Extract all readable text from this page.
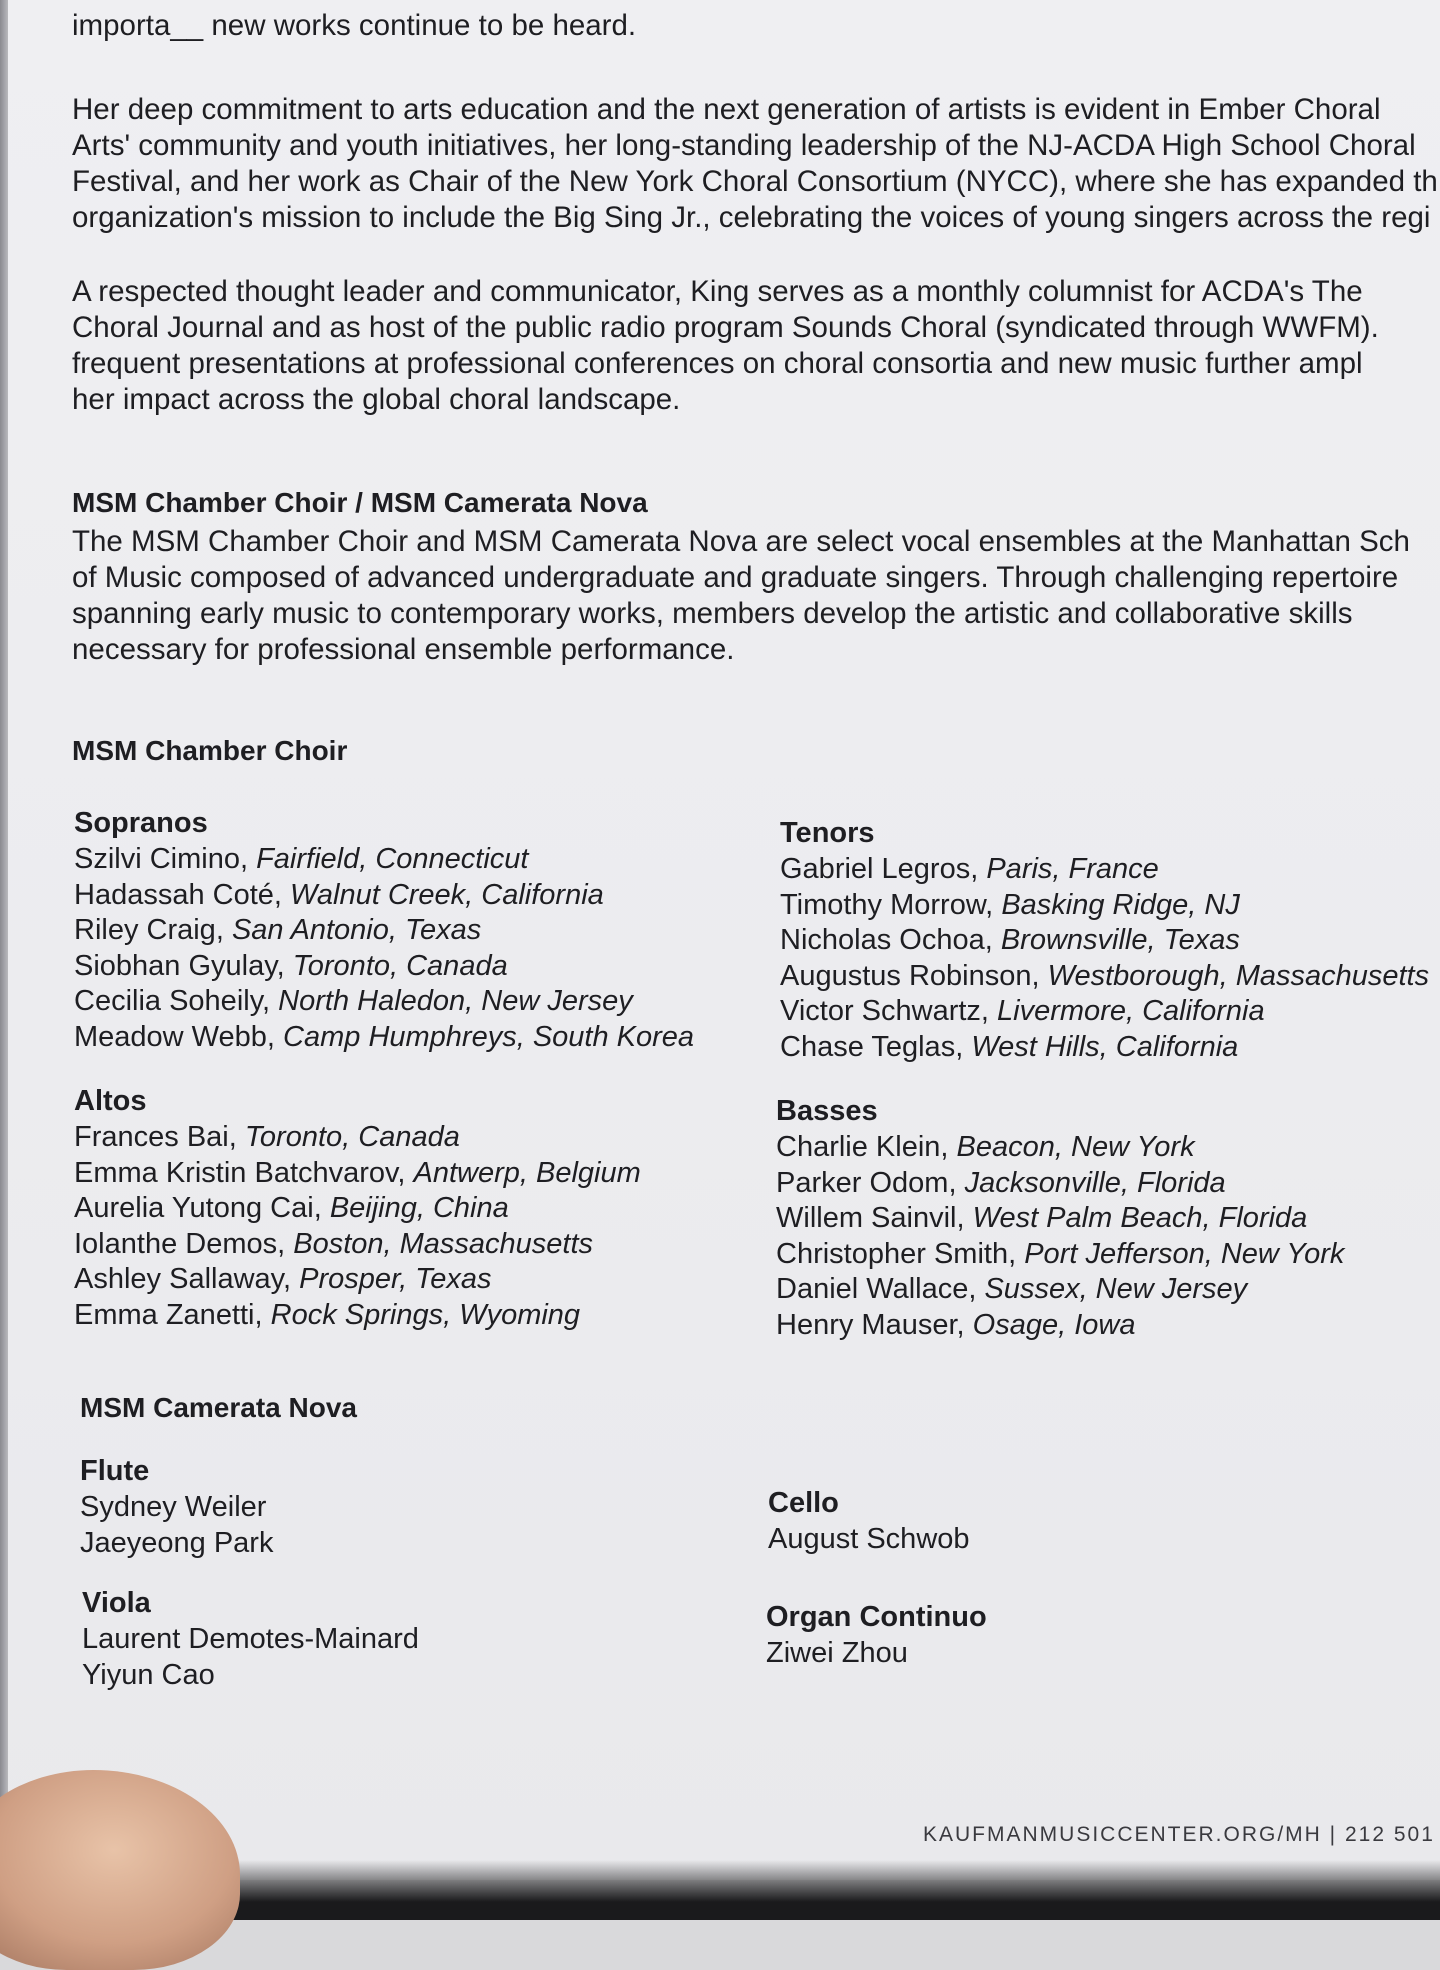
importa__ new works continue to be heard.
Her deep commitment to arts education and the next generation of artists is evident in Ember Choral
Arts' community and youth initiatives, her long-standing leadership of the NJ-ACDA High School Choral
Festival, and her work as Chair of the New York Choral Consortium (NYCC), where she has expanded th
organization's mission to include the Big Sing Jr., celebrating the voices of young singers across the regi
A respected thought leader and communicator, King serves as a monthly columnist for ACDA's The
Choral Journal and as host of the public radio program Sounds Choral (syndicated through WWFM).
frequent presentations at professional conferences on choral consortia and new music further ampl
her impact across the global choral landscape.
MSM Chamber Choir / MSM Camerata Nova
The MSM Chamber Choir and MSM Camerata Nova are select vocal ensembles at the Manhattan Sch
of Music composed of advanced undergraduate and graduate singers. Through challenging repertoire
spanning early music to contemporary works, members develop the artistic and collaborative skills
necessary for professional ensemble performance.
MSM Chamber Choir
Sopranos
Szilvi Cimino, Fairfield, Connecticut
Hadassah Coté, Walnut Creek, California
Riley Craig, San Antonio, Texas
Siobhan Gyulay, Toronto, Canada
Cecilia Soheily, North Haledon, New Jersey
Meadow Webb, Camp Humphreys, South Korea
Tenors
Gabriel Legros, Paris, France
Timothy Morrow, Basking Ridge, NJ
Nicholas Ochoa, Brownsville, Texas
Augustus Robinson, Westborough, Massachusetts
Victor Schwartz, Livermore, California
Chase Teglas, West Hills, California
Altos
Frances Bai, Toronto, Canada
Emma Kristin Batchvarov, Antwerp, Belgium
Aurelia Yutong Cai, Beijing, China
Iolanthe Demos, Boston, Massachusetts
Ashley Sallaway, Prosper, Texas
Emma Zanetti, Rock Springs, Wyoming
Basses
Charlie Klein, Beacon, New York
Parker Odom, Jacksonville, Florida
Willem Sainvil, West Palm Beach, Florida
Christopher Smith, Port Jefferson, New York
Daniel Wallace, Sussex, New Jersey
Henry Mauser, Osage, Iowa
MSM Camerata Nova
Flute
Sydney Weiler
Jaeyeong Park
Cello
August Schwob
Viola
Laurent Demotes-Mainard
Yiyun Cao
Organ Continuo
Ziwei Zhou
KAUFMANMUSICCENTER.ORG/MH | 212 501
